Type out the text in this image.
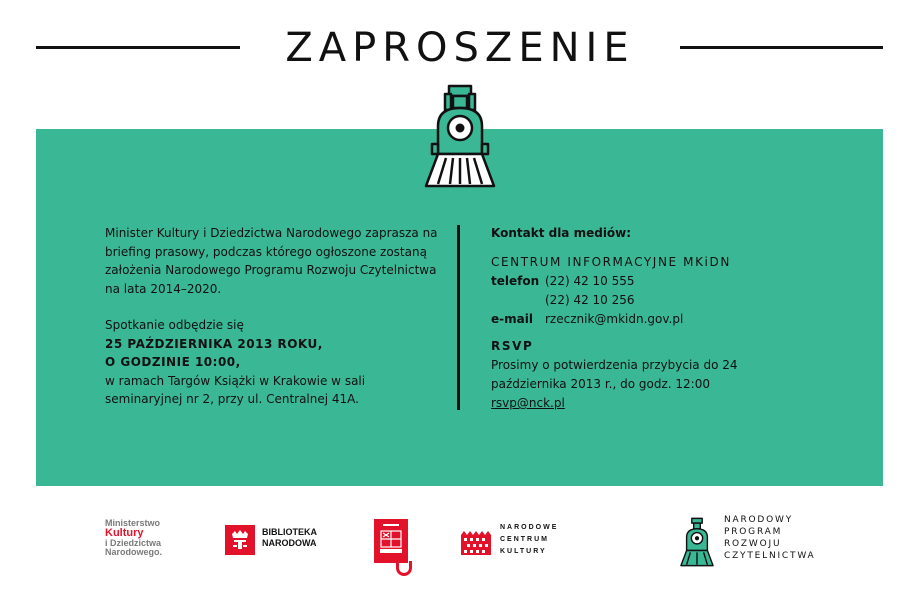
ZAPROSZENIE

Minister Kultury i Dziedzictwa Narodowego zaprasza na briefing prasowy, podczas którego ogłoszone zostaną założenia Narodowego Programu Rozwoju Czytelnictwa na lata 2014–2020.

Spotkanie odbędzie się

25 PAŹDZIERNIKA 2013 ROKU,

O GODZINIE 10:00,

w ramach Targów Książki w Krakowie w sali seminaryjnej nr 2, przy ul. Centralnej 41A.

Kontakt dla mediów:
CENTRUM INFORMACYJNE MKiDN
telefon (22) 42 10 555
(22) 42 10 256
e-mail	rzecznik@mkidn.gov.pl
RSVP
Prosimy o potwierdzenia przybycia do 24 października 2013 r., do godz. 12:00
rsvp@nck.pl
Ministerstwo
Kultury
i Dziedzictwa
Narodowego.
BIBLIOTEKA
NARODOWA
NARODOWE
CENTRUM
KULTURY
NARODOWY
PROGRAM
ROZWOJU
CZYTELNICTWA
